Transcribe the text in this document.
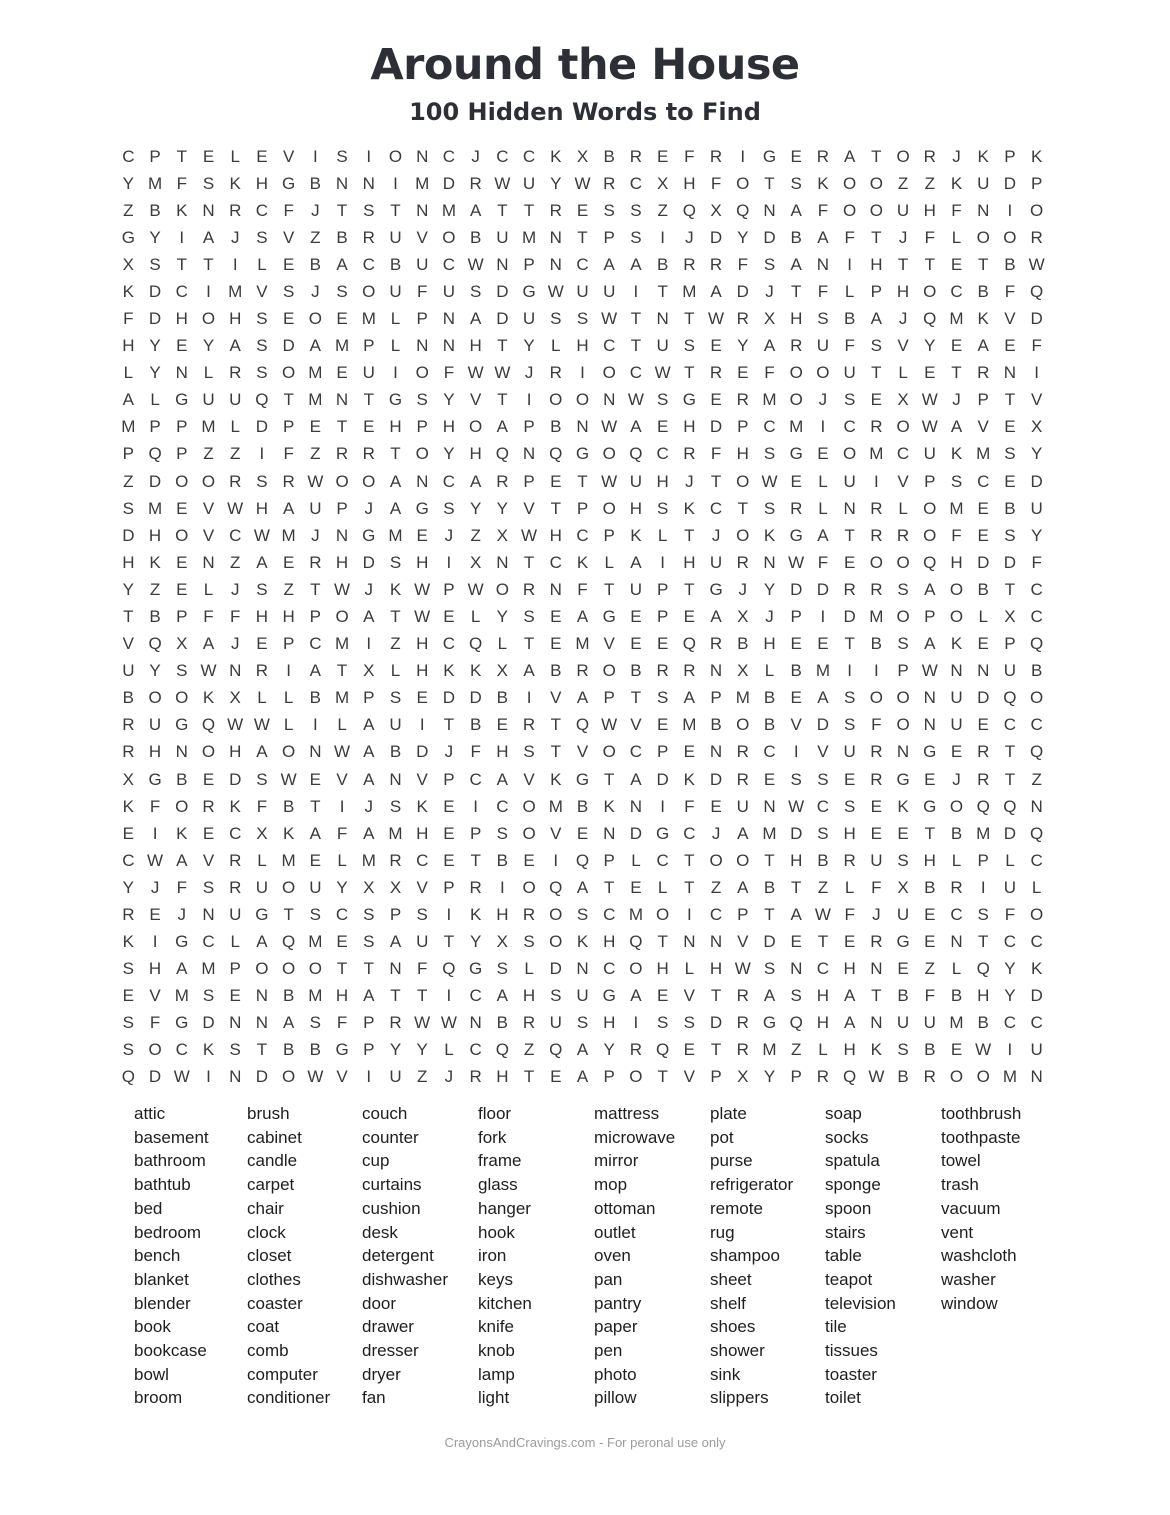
Around the House
100 Hidden Words to Find
C P T E L E V	I	S	I	O N C J C C K X B R E F R	I	G E R A T O R J K P K
Y M F S K H G B N N	I	M D R W U Y W R C X H F O T S K O O Z Z K U D P
Z B K N R C F	J	T S T N M A T T R E S S Z Q X Q N A F O O U H F N	I	O
G Y	I	A J S V Z B R U V O B U M N T P S	I	J D Y D B A F T	J	F L O O R
X S T T	I	L E B A C B U C W N P N C A A B R R F S A N	I	H T T E T B W
K D C	I	M V S J S O U F U S D G W U U	I	T M A D J	T F L P H O C B F Q
F D H O H S E O E M L P N A D U S S W T N T W R X H S B A J Q M K V D
H Y E Y A S D A M P L N N H T Y L H C T U S E Y A R U F S V Y E A E F
L Y N L R S O M E U	I	O F W W J R	I	O C W T R E F O O U T L E T R N	I
A L G U U Q T M N T G S Y V T	I	O O N W S G E R M O J S E X W J P T V
M P P M L D P E T E H P H O A P B N W A E H D P C M	I	C R O W A V E X
P Q P Z Z	I	F Z R R T O Y H Q N Q G O Q C R F H S G E O M C U K M S Y
Z D O O R S R W O O A N C A R P E T W U H J	T O W E L U	I	V P S C E D
S M E V W H A U P J A G S Y Y V T P O H S K C T S R L N R L O M E B U
D H O V C W M J N G M E J	Z X W H C P K L T	J O K G A T R R O F E S Y
H K E N Z A E R H D S H	I	X N T C K L A	I	H U R N W F E O O Q H D D F
Y Z E L	J S Z T W J K W P W O R N F T U P T G J Y D D R R S A O B T C
T B P F F H H P O A T W E L Y S E A G E P E A X J P	I	D M O P O L X C
V Q X A J E P C M	I	Z H C Q L T E M V E E Q R B H E E T B S A K E P Q
U Y S W N R	I	A T X L H K K X A B R O B R R N X L B M	I	I	P W N N U B
B O O K X L	L B M P S E D D B	I	V A P T S A P M B E A S O O N U D Q O
R U G Q W W L	I	L A U	I	T B E R T Q W V E M B O B V D S F O N U E C C
R H N O H A O N W A B D J	F H S T V O C P E N R C	I	V U R N G E R T Q
X G B E D S W E V A N V P C A V K G T A D K D R E S S E R G E J R T Z
K F O R K F B T	I	J S K E	I	C O M B K N	I	F E U N W C S E K G O Q Q N
E	I	K E C X K A F A M H E P S O V E N D G C J A M D S H E E T B M D Q
C W A V R L M E L M R C E T B E	I	Q P L C T O O T H B R U S H L P L C
Y J	F S R U O U Y X X V P R	I	O Q A T E L T Z A B T Z L F X B R	I	U L
R E J N U G T S C S P S	I	K H R O S C M O	I	C P T A W F	J U E C S F O
K	I	G C L A Q M E S A U T Y X S O K H Q T N N V D E T E R G E N T C C
S H A M P O O O T T N F Q G S L D N C O H L H W S N C H N E Z L Q Y K
E V M S E N B M H A T T	I	C A H S U G A E V T R A S H A T B F B H Y D
S F G D N N A S F P R W W N B R U S H	I	S S D R G Q H A N U U M B C C
S O C K S T B B G P Y Y L C Q Z Q A Y R Q E T R M Z L H K S B E W I	U
Q D W I	N D O W V	I	U Z	J R H T E A P O T V P X Y P R Q W B R O O M N
attic
basement
bathroom
bathtub
bed
bedroom
bench
blanket
blender
book
bookcase
bowl
broom
brush
cabinet
candle
carpet
chair
clock
closet
clothes
coaster
coat
comb
computer
conditioner
couch
counter
cup
curtains
cushion
desk
detergent
dishwasher
door
drawer
dresser
dryer
fan
floor
fork
frame
glass
hanger
hook
iron
keys
kitchen
knife
knob
lamp
light
mattress
microwave
mirror
mop
ottoman
outlet
oven
pan
pantry
paper
pen
photo
pillow
plate
pot
purse
refrigerator
remote
rug
shampoo
sheet
shelf
shoes
shower
sink
slippers
soap
socks
spatula
sponge
spoon
stairs
table
teapot
television
tile
tissues
toaster
toilet
toothbrush
toothpaste
towel
trash
vacuum
vent
washcloth
washer
window
CrayonsAndCravings.com - For peronal use only
